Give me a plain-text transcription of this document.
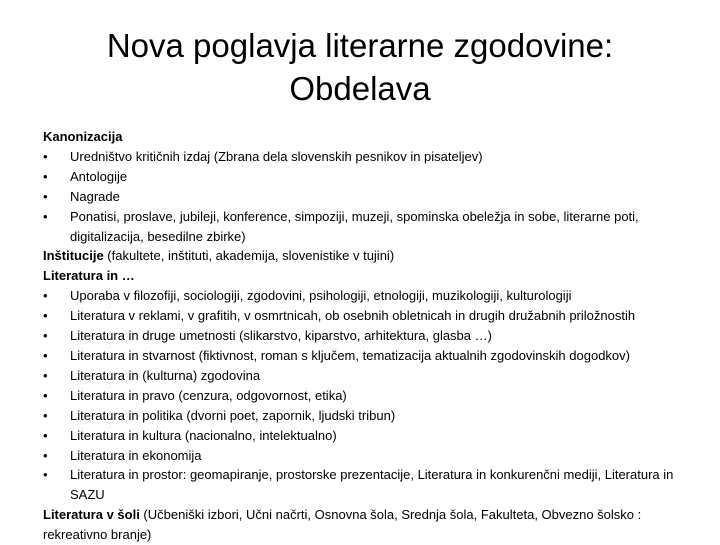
Nova poglavja literarne zgodovine:
Obdelava
Kanonizacija
•	Uredništvo kritičnih izdaj (Zbrana dela slovenskih pesnikov in pisateljev)
•	Antologije
•	Nagrade
•	Ponatisi, proslave, jubileji, konference, simpoziji, muzeji, spominska obeležja in sobe, literarne poti, digitalizacija, besedilne zbirke)
Inštitucije (fakultete, inštituti, akademija, slovenistike v tujini)
Literatura in …
•	Uporaba v filozofiji, sociologiji, zgodovini, psihologiji, etnologiji, muzikologiji, kulturologiji
•	Literatura v reklami, v grafitih, v osmrtnicah, ob osebnih obletnicah in drugih družabnih priložnostih
•	Literatura in druge umetnosti (slikarstvo, kiparstvo, arhitektura, glasba …)
•	Literatura in stvarnost (fiktivnost, roman s ključem, tematizacija aktualnih zgodovinskih dogodkov)
•	Literatura in (kulturna) zgodovina
•	Literatura in pravo (cenzura, odgovornost, etika)
•	Literatura in politika (dvorni poet, zapornik, ljudski tribun)
•	Literatura in kultura (nacionalno, intelektualno)
•	Literatura in ekonomija
•	Literatura in prostor: geomapiranje, prostorske prezentacije, Literatura in konkurenčni mediji, Literatura in SAZU
Literatura v šoli (Učbeniški izbori, Učni načrti, Osnovna šola, Srednja šola, Fakulteta, Obvezno šolsko : rekreativno branje)
